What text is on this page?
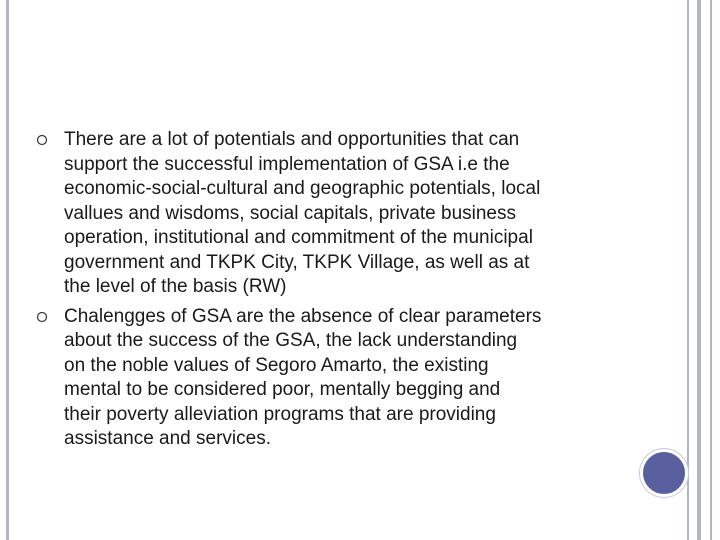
There are a lot of potentials and opportunities that can
support the successful implementation of GSA i.e the
economic-social-cultural and geographic potentials, local
vallues and wisdoms, social capitals, private business
operation, institutional and commitment of the municipal
government and TKPK City, TKPK Village, as well as at
the level of the basis (RW)
Chalengges of GSA are the absence of clear parameters
about the success of the GSA, the lack understanding
on the noble values of Segoro Amarto, the existing
mental to be considered poor, mentally begging and
their poverty alleviation programs that are providing
assistance and services.
